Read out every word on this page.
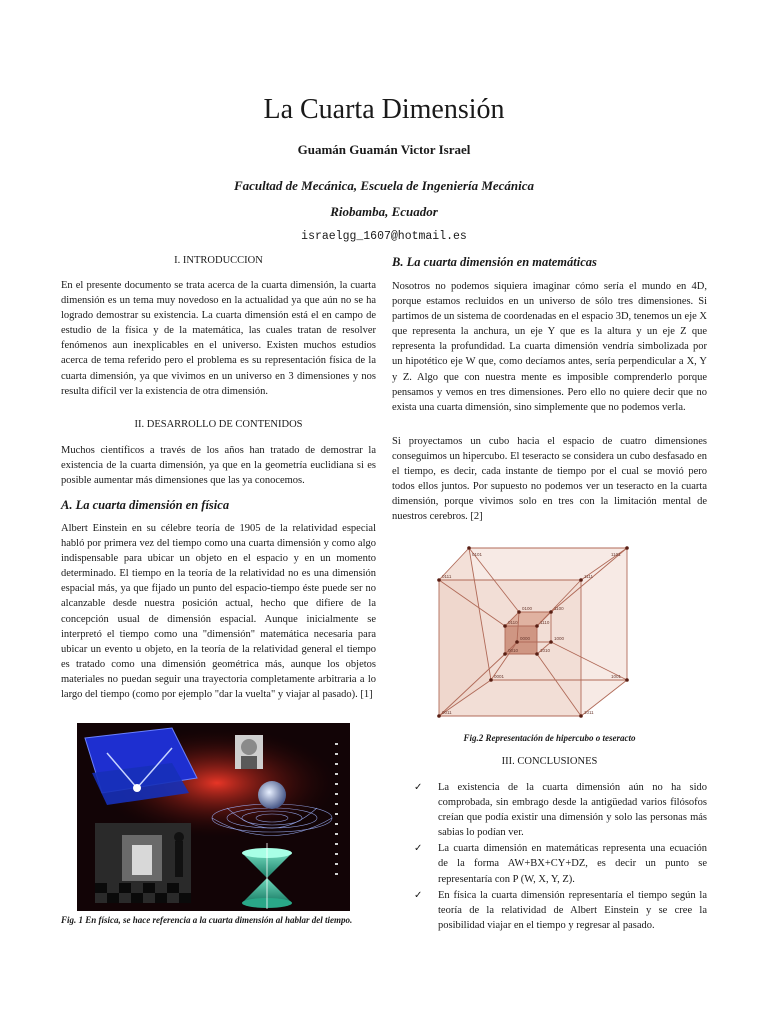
La Cuarta Dimensión
Guamán Guamán Victor Israel
Facultad de Mecánica, Escuela de Ingeniería Mecánica
Riobamba, Ecuador
israelgg_1607@hotmail.es
I. INTRODUCCION

En el presente documento se trata acerca de la cuarta dimensión, la cuarta dimensión es un tema muy novedoso en la actualidad ya que aún no se ha logrado demostrar su existencia. La cuarta dimensión está el en campo de estudio de la física y de la matemática, las cuales tratan de resolver fenómenos aun inexplicables en el universo. Existen muchos estudios acerca de tema referido pero el problema es su representación física de la cuarta dimensión, ya que vivimos en un universo en 3 dimensiones y nos resulta difícil ver la existencia de otra dimensión.

II. DESARROLLO DE CONTENIDOS

Muchos científicos a través de los años han tratado de demostrar la existencia de la cuarta dimensión, ya que en la geometría euclidiana si es posible aumentar más dimensiones que las ya conocemos.

A. La cuarta dimensión en física

Albert Einstein en su célebre teoría de 1905 de la relatividad especial habló por primera vez del tiempo como una cuarta dimensión y como algo indispensable para ubicar un objeto en el espacio y en un momento determinado. El tiempo en la teoría de la relatividad no es una dimensión espacial más, ya que fijado un punto del espacio-tiempo éste puede ser no alcanzable desde nuestra posición actual, hecho que difiere de la concepción usual de dimensión espacial. Aunque inicialmente se interpretó el tiempo como una "dimensión" matemática necesaria para ubicar un evento u objeto, en la teoría de la relatividad general el tiempo es tratado como una dimensión geométrica más, aunque los objetos materiales no puedan seguir una trayectoria completamente arbitraria a lo largo del tiempo (como por ejemplo "dar la vuelta" y viajar al pasado). [1]

Fig. 1 En física, se hace referencia a la cuarta dimensión al hablar del tiempo.
B. La cuarta dimensión en matemáticas

Nosotros no podemos siquiera imaginar cómo sería el mundo en 4D, porque estamos recluidos en un universo de sólo tres dimensiones. Si partimos de un sistema de coordenadas en el espacio 3D, tenemos un eje X que representa la anchura, un eje Y que es la altura y un eje Z que representa la profundidad. La cuarta dimensión vendría simbolizada por un hipotético eje W que, como decíamos antes, sería perpendicular a X, Y y Z. Algo que con nuestra mente es imposible comprenderlo porque pensamos y vemos en tres dimensiones. Pero ello no quiere decir que no exista una cuarta dimensión, sino simplemente que no podemos verla.

Si proyectamos un cubo hacia el espacio de cuatro dimensiones conseguimos un hipercubo. El teseracto se considera un cubo desfasado en el tiempo, es decir, cada instante de tiempo por el cual se movió pero todos ellos juntos. Por supuesto no podemos ver un teseracto en la cuarta dimensión, porque vivimos solo en tres con la limitación mental de nuestros cerebros. [2]

0101	1101
0111	1111
0100	1100
0110	1110
0000	1000
0010	1010
0001	1001
0011	1011
Fig.2 Representación de hipercubo o teseracto
III. CONCLUSIONES
✓ La existencia de la cuarta dimensión aún no ha sido comprobada, sin embrago desde la antigüedad varios filósofos creían que podía existir una dimensión y solo las personas más sabias lo podían ver.

✓ La cuarta dimensión en matemáticas representa una ecuación de la forma AW+BX+CY+DZ, es decir un punto se representaría con P (W, X, Y, Z).

✓ En física la cuarta dimensión representaría el tiempo según la teoría de la relatividad de Albert Einstein y se cree la posibilidad viajar en el tiempo y regresar al pasado.
